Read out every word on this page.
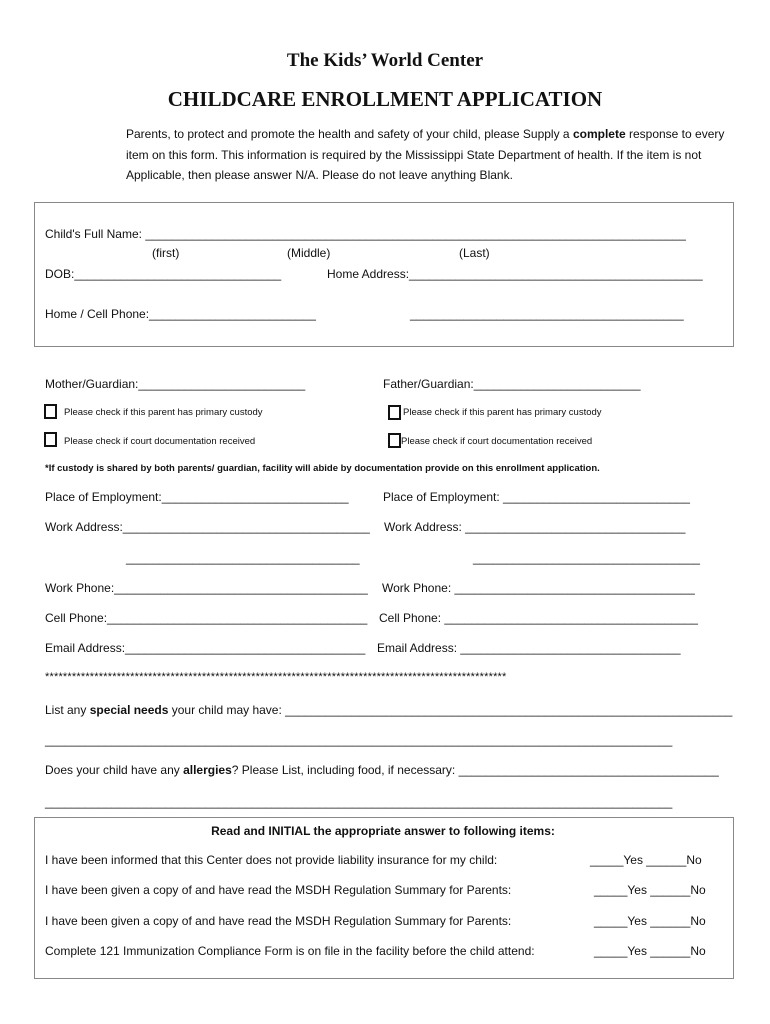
The Kids’ World Center
CHILDCARE ENROLLMENT APPLICATION
Parents, to protect and promote the health and safety of your child, please Supply a complete response to every item on this form. This information is required by the Mississippi State Department of health. If the item is not Applicable, then please answer N/A. Please do not leave anything Blank.
Child's Full Name: _________________________________________________________________________________
(first)	(Middle)	(Last)
DOB:_______________________________	Home Address:____________________________________________
Home / Cell Phone:_________________________	_________________________________________
Mother/Guardian:_________________________	Father/Guardian:_________________________
Please check if this parent has primary custody	Please check if this parent has primary custody
Please check if court documentation received	Please check if court documentation received
*If custody is shared by both parents/ guardian, facility will abide by documentation provide on this enrollment application.
Place of Employment:____________________________	Place of Employment: ____________________________
Work Address:_____________________________________ Work Address: _________________________________
___________________________________	__________________________________
Work Phone:______________________________________ Work Phone: ____________________________________
Cell Phone:_______________________________________ Cell Phone: ______________________________________
Email Address:____________________________________ Email Address: _________________________________
*******************************************************************************************************
List any special needs your child may have: ___________________________________________________________________
______________________________________________________________________________________________
Does your child have any allergies? Please List, including food, if necessary: _______________________________________
______________________________________________________________________________________________
Read and INITIAL the appropriate answer to following items:
I have been informed that this Center does not provide liability insurance for my child:	_____Yes ______No
I have been given a copy of and have read the MSDH Regulation Summary for Parents:	_____Yes ______No
I have been given a copy of and have read the MSDH Regulation Summary for Parents:	_____Yes ______No
Complete 121 Immunization Compliance Form is on file in the facility before the child attend:	_____Yes ______No
